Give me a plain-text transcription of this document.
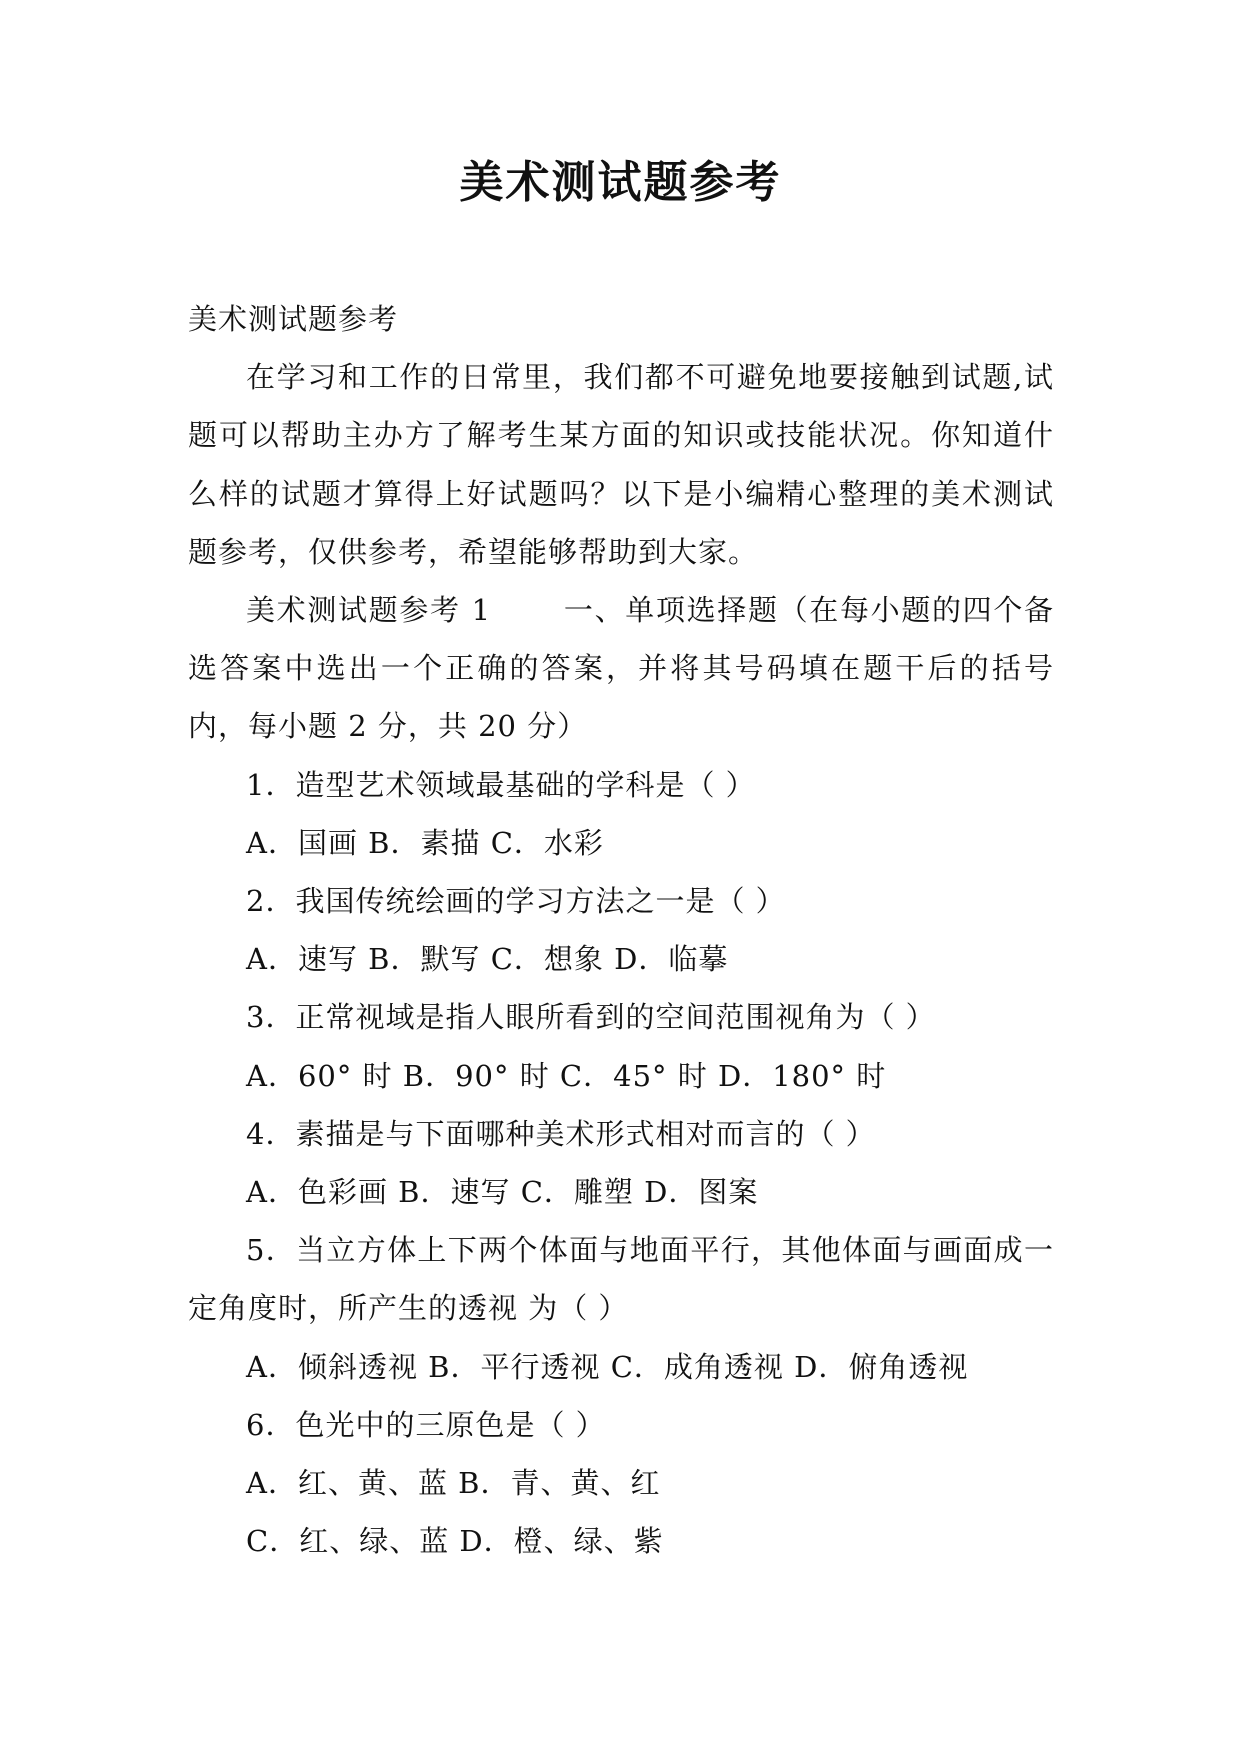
美术测试题参考

美术测试题参考

在学习和工作的日常里，我们都不可避免地要接触到试题,试题可以帮助主办方了解考生某方面的知识或技能状况。你知道什么样的试题才算得上好试题吗？以下是小编精心整理的美术测试题参考，仅供参考，希望能够帮助到大家。

美术测试题参考 1　　 一、单项选择题（在每小题的四个备选答案中选出一个正确的答案，并将其号码填在题干后的括号内，每小题 2 分，共 20 分）

1．造型艺术领域最基础的学科是（ ）

A．国画 B．素描 C．水彩

2．我国传统绘画的学习方法之一是（ ）

A．速写 B．默写 C．想象 D．临摹

3．正常视域是指人眼所看到的空间范围视角为（ ）

A．60° 时 B．90° 时 C．45° 时 D．180° 时

4．素描是与下面哪种美术形式相对而言的（ ）

A．色彩画 B．速写 C．雕塑 D．图案

5．当立方体上下两个体面与地面平行，其他体面与画面成一定角度时，所产生的透视 为（ ）

A．倾斜透视 B．平行透视 C．成角透视 D．俯角透视

6．色光中的三原色是（ ）

A．红、黄、蓝 B．青、黄、红

C．红、绿、蓝 D．橙、绿、紫
